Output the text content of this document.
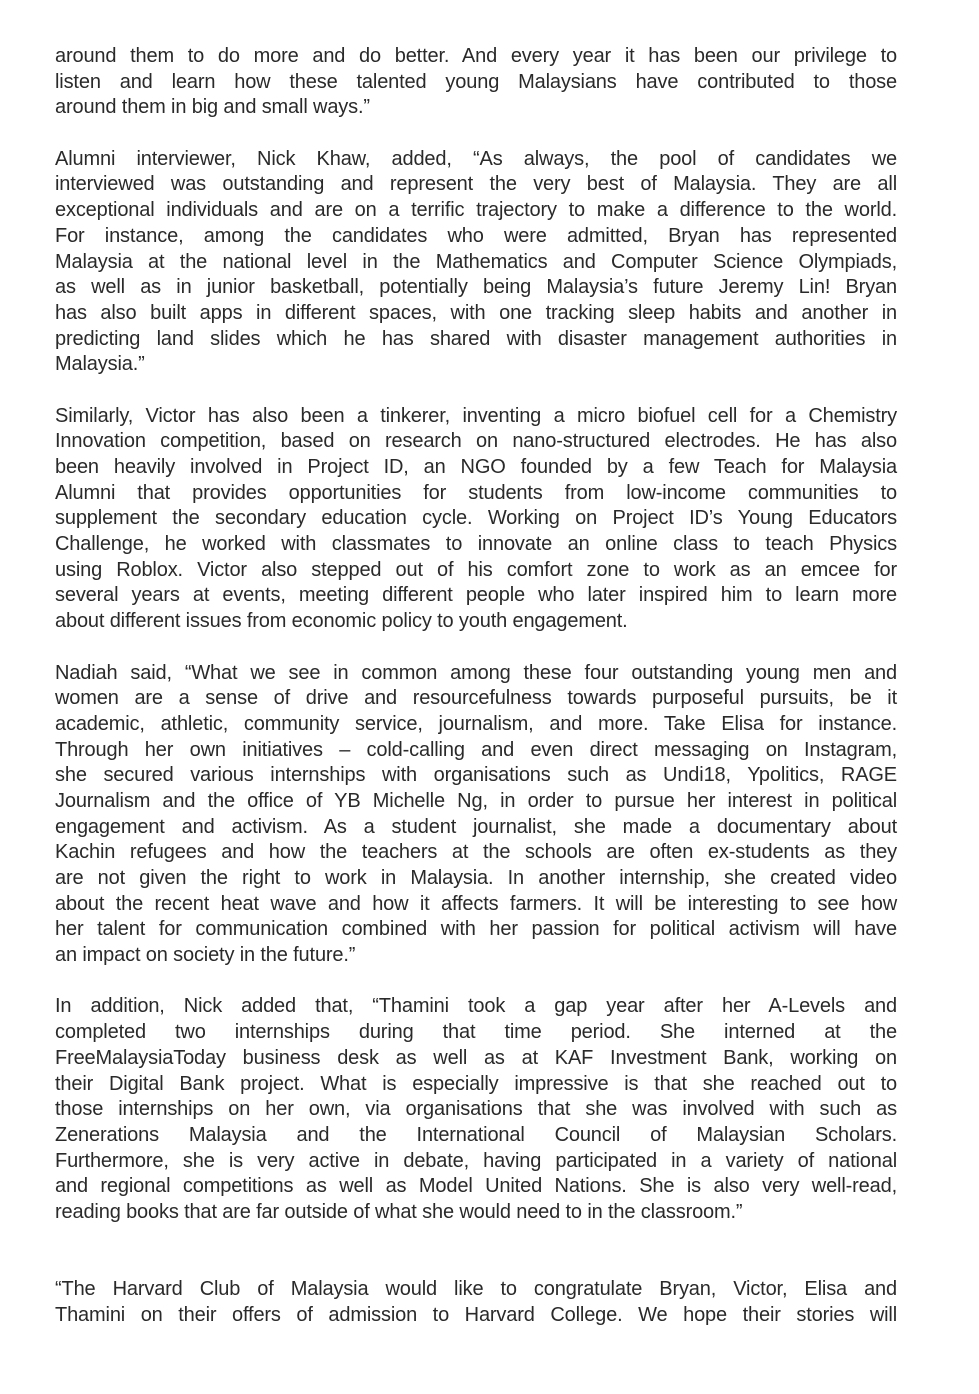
around them to do more and do better. And every year it has been our privilege to
listen and learn how these talented young Malaysians have contributed to those
around them in big and small ways.”
Alumni interviewer, Nick Khaw, added, “As always, the pool of candidates we
interviewed was outstanding and represent the very best of Malaysia. They are all
exceptional individuals and are on a terrific trajectory to make a difference to the world.
For instance, among the candidates who were admitted, Bryan has represented
Malaysia at the national level in the Mathematics and Computer Science Olympiads,
as well as in junior basketball, potentially being Malaysia’s future Jeremy Lin! Bryan
has also built apps in different spaces, with one tracking sleep habits and another in
predicting land slides which he has shared with disaster management authorities in
Malaysia.”
Similarly, Victor has also been a tinkerer, inventing a micro biofuel cell for a Chemistry
Innovation competition, based on research on nano-structured electrodes. He has also
been heavily involved in Project ID, an NGO founded by a few Teach for Malaysia
Alumni that provides opportunities for students from low-income communities to
supplement the secondary education cycle. Working on Project ID’s Young Educators
Challenge, he worked with classmates to innovate an online class to teach Physics
using Roblox. Victor also stepped out of his comfort zone to work as an emcee for
several years at events, meeting different people who later inspired him to learn more
about different issues from economic policy to youth engagement.
Nadiah said, “What we see in common among these four outstanding young men and
women are a sense of drive and resourcefulness towards purposeful pursuits, be it
academic, athletic, community service, journalism, and more. Take Elisa for instance.
Through her own initiatives – cold-calling and even direct messaging on Instagram,
she secured various internships with organisations such as Undi18, Ypolitics, RAGE
Journalism and the office of YB Michelle Ng, in order to pursue her interest in political
engagement and activism. As a student journalist, she made a documentary about
Kachin refugees and how the teachers at the schools are often ex-students as they
are not given the right to work in Malaysia. In another internship, she created video
about the recent heat wave and how it affects farmers. It will be interesting to see how
her talent for communication combined with her passion for political activism will have
an impact on society in the future.”
In addition, Nick added that, “Thamini took a gap year after her A-Levels and
completed two internships during that time period. She interned at the
FreeMalaysiaToday business desk as well as at KAF Investment Bank, working on
their Digital Bank project. What is especially impressive is that she reached out to
those internships on her own, via organisations that she was involved with such as
Zenerations Malaysia and the International Council of Malaysian Scholars.
Furthermore, she is very active in debate, having participated in a variety of national
and regional competitions as well as Model United Nations. She is also very well-read,
reading books that are far outside of what she would need to in the classroom.”
“The Harvard Club of Malaysia would like to congratulate Bryan, Victor, Elisa and
Thamini on their offers of admission to Harvard College. We hope their stories will
